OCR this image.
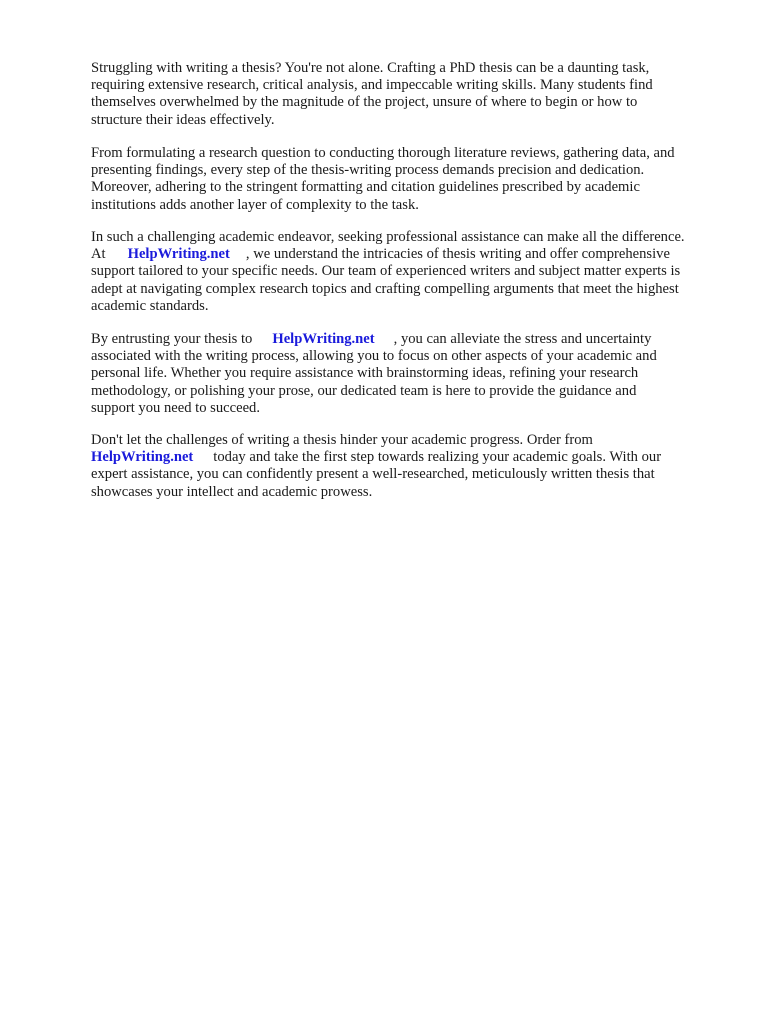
Struggling with writing a thesis? You're not alone. Crafting a PhD thesis can be a daunting task,
requiring extensive research, critical analysis, and impeccable writing skills. Many students find
themselves overwhelmed by the magnitude of the project, unsure of where to begin or how to
structure their ideas effectively.

From formulating a research question to conducting thorough literature reviews, gathering data, and
presenting findings, every step of the thesis-writing process demands precision and dedication.
Moreover, adhering to the stringent formatting and citation guidelines prescribed by academic
institutions adds another layer of complexity to the task.

In such a challenging academic endeavor, seeking professional assistance can make all the difference.
At HelpWriting.net , we understand the intricacies of thesis writing and offer comprehensive
support tailored to your specific needs. Our team of experienced writers and subject matter experts is
adept at navigating complex research topics and crafting compelling arguments that meet the highest
academic standards.

By entrusting your thesis to HelpWriting.net , you can alleviate the stress and uncertainty
associated with the writing process, allowing you to focus on other aspects of your academic and
personal life. Whether you require assistance with brainstorming ideas, refining your research
methodology, or polishing your prose, our dedicated team is here to provide the guidance and
support you need to succeed.

Don't let the challenges of writing a thesis hinder your academic progress. Order from
HelpWriting.net today and take the first step towards realizing your academic goals. With our
expert assistance, you can confidently present a well-researched, meticulously written thesis that
showcases your intellect and academic prowess.
